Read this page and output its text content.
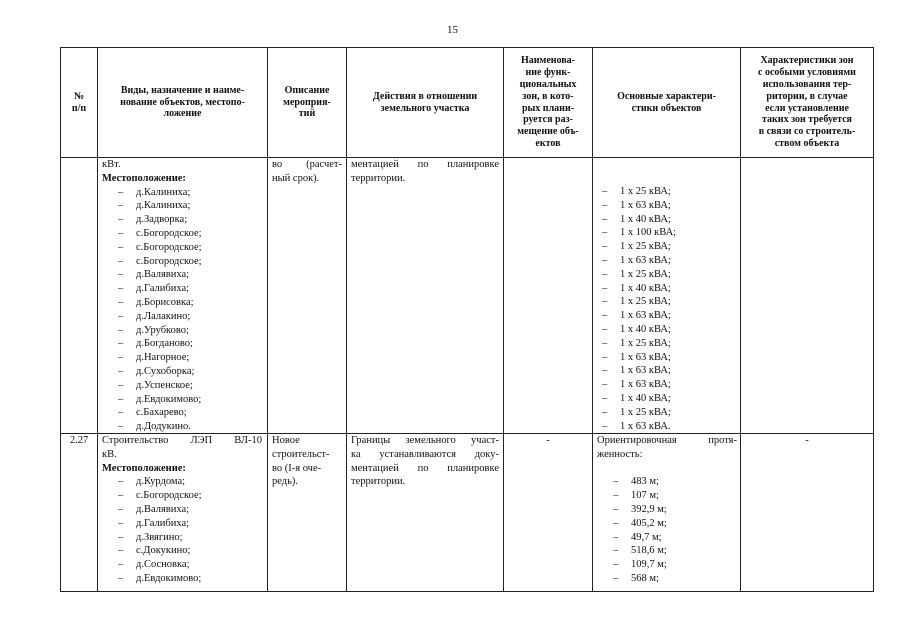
15
№
п/п
Виды, назначение и наиме-
нование объектов, местопо-
ложение
Описание
мероприя-
тий
Действия в отношении
земельного участка
Наименова-
ние функ-
циональных
зон, в кото-
рых плани-
руется раз-
мещение объ-
ектов
Основные характери-
стики объектов
Характеристики зон
с особыми условиями
использования тер-
ритории, в случае
если установление
таких зон требуется
в связи со строитель-
ством объекта
кВт.
Местоположение:
– д.Калиниха;
– д.Калиниха;
– д.Задворка;
– с.Богородское;
– с.Богородское;
– с.Богородское;
– д.Валявиха;
– д.Галибиха;
– д.Борисовка;
– д.Лалакино;
– д.Урубково;
– д.Богданово;
– д.Нагорное;
– д.Сухоборка;
– д.Успенское;
– д.Евдокимово;
– с.Бахарево;
– д.Додукино.
во (расчет-
ный срок).
ментацией по планировке
территории.
– 1 х 25 кВА;
– 1 х 63 кВА;
– 1 х 40 кВА;
– 1 х 100 кВА;
– 1 х 25 кВА;
– 1 х 63 кВА;
– 1 х 25 кВА;
– 1 х 40 кВА;
– 1 х 25 кВА;
– 1 х 63 кВА;
– 1 х 40 кВА;
– 1 х 25 кВА;
– 1 х 63 кВА;
– 1 х 63 кВА;
– 1 х 63 кВА;
– 1 х 40 кВА;
– 1 х 25 кВА;
– 1 х 63 кВА.
2.27	Строительство ЛЭП ВЛ-10
кВ.
Местоположение:
– д.Курдома;
– с.Богородское;
– д.Валявиха;
– д.Галибиха;
– д.Звягино;
– с.Докукино;
– д.Сосновка;
– д.Евдокимово;
Новое
строительст-
во (I-я оче-
редь).
Границы земельного участ-
ка устанавливаются доку-
ментацией по планировке
территории.
-	Ориентировочная протя-
женность:
– 483 м;
– 107 м;
– 392,9 м;
– 405,2 м;
– 49,7 м;
– 518,6 м;
– 109,7 м;
– 568 м;
-
